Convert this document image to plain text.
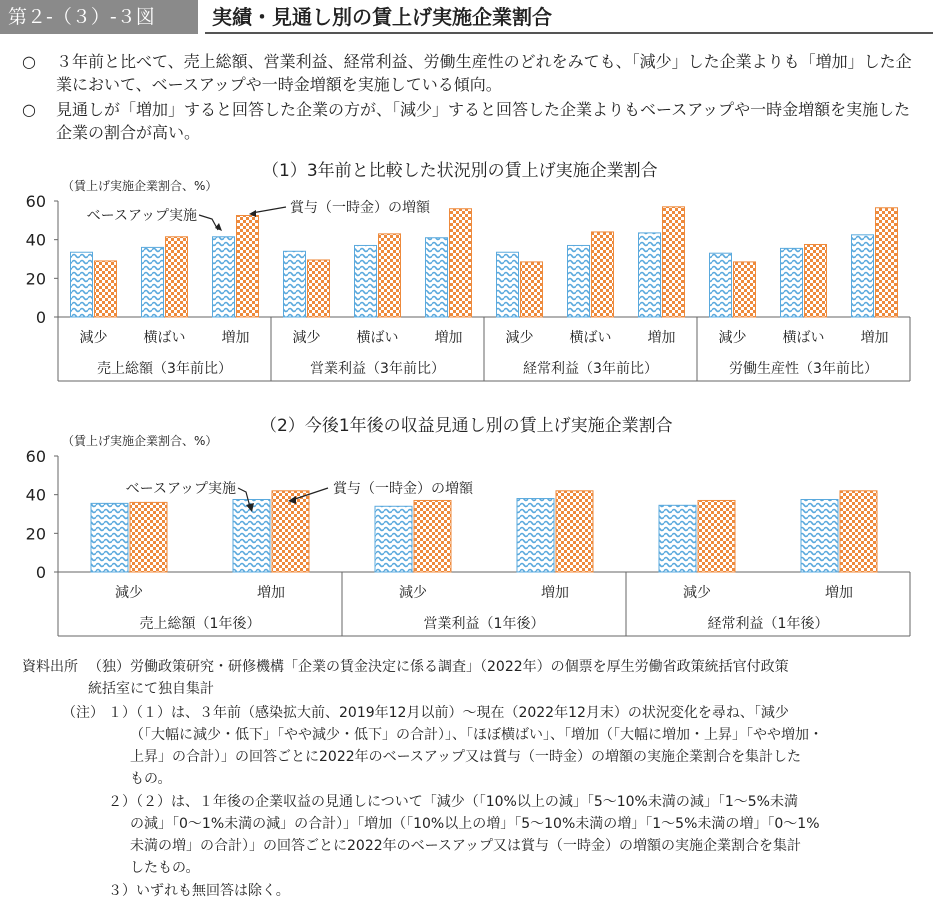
第２-（３）-３図	実績・見通し別の賃上げ実施企業割合
○ ３年前と比べて、売上総額、営業利益、経常利益、労働生産性のどれをみても、「減少」した企業よりも「増加」した企業において、ベースアップや一時金増額を実施している傾向。
○ 見通しが「増加」すると回答した企業の方が、「減少」すると回答した企業よりもベースアップや一時金増額を実施した企業の割合が高い。
（1）3年前と比較した状況別の賃上げ実施企業割合
（賃上げ実施企業割合、%）
0
20
40
60
売上総額（3年前比）
減少	横ばい	増加
営業利益（3年前比）
減少	横ばい	増加
経常利益（3年前比）
減少	横ばい	増加
労働生産性（3年前比）
減少	横ばい	増加
ベースアップ実施	賞与（一時金）の増額
（2）今後1年後の収益見通し別の賃上げ実施企業割合
（賃上げ実施企業割合、%）
0
20
40
60
売上総額（1年後）
減少	増加
営業利益（1年後）
減少	増加
経常利益（1年後）
減少	増加
ベースアップ実施	賞与（一時金）の増額
資料出所 （独）労働政策研究・研修機構「企業の賃金決定に係る調査」（2022年）の個票を厚生労働省政策統括官付政策
統括室にて独自集計
（注） １）（１）は、３年前（感染拡大前、2019年12月以前）～現在（2022年12月末）の状況変化を尋ね、「減少
（「大幅に減少・低下」「やや減少・低下」の合計）」、「ほぼ横ばい」、「増加（「大幅に増加・上昇」「やや増加・
上昇」の合計）」の回答ごとに2022年のベースアップ又は賞与（一時金）の増額の実施企業割合を集計した
もの。
２）（２）は、１年後の企業収益の見通しについて「減少（「10%以上の減」「5～10%未満の減」「1～5%未満
の減」「0～1%未満の減」の合計）」「増加（「10%以上の増」「5～10%未満の増」「1～5%未満の増」「0～1%
未満の増」の合計）」の回答ごとに2022年のベースアップ又は賞与（一時金）の増額の実施企業割合を集計
したもの。
３）いずれも無回答は除く。
